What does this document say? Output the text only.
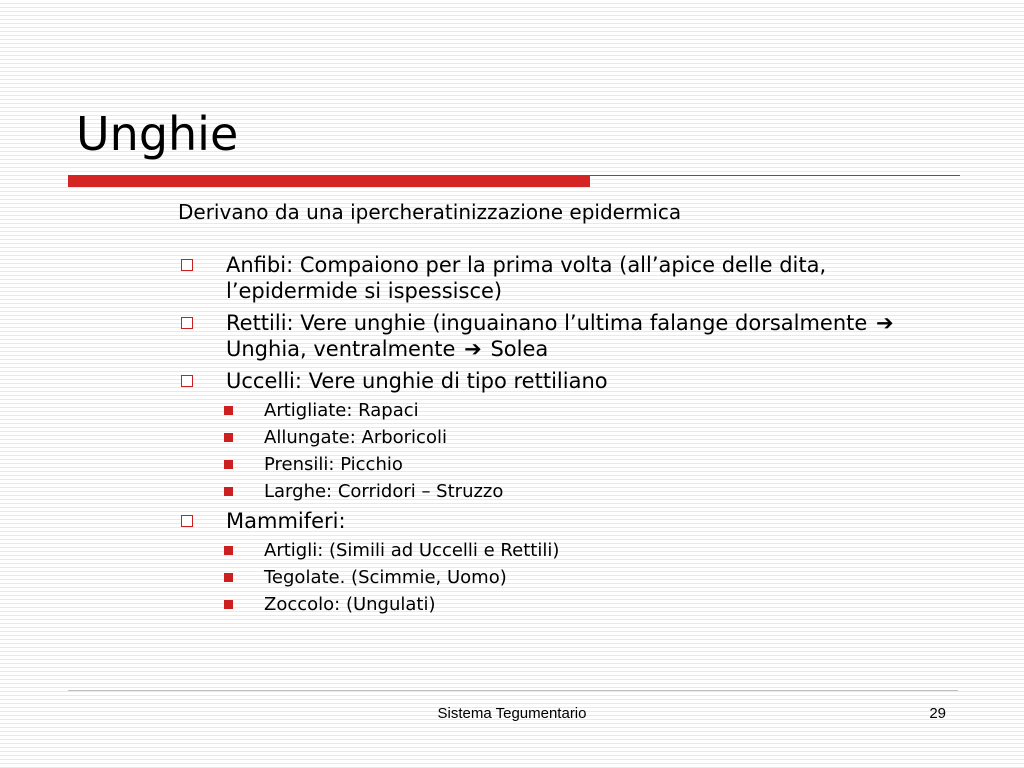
Unghie

Derivano da una ipercheratinizzazione epidermica

Anfibi: Compaiono per la prima volta (all’apice delle dita, l’epidermide si ispessisce)
Rettili: Vere unghie (inguainano l’ultima falange dorsalmente ➔ Unghia, ventralmente ➔ Solea
Uccelli: Vere unghie di tipo rettiliano
Artigliate: Rapaci
Allungate: Arboricoli
Prensili: Picchio
Larghe: Corridori – Struzzo
Mammiferi:
Artigli: (Simili ad Uccelli e Rettili)
Tegolate. (Scimmie, Uomo)
Zoccolo: (Ungulati)
Sistema Tegumentario	29
